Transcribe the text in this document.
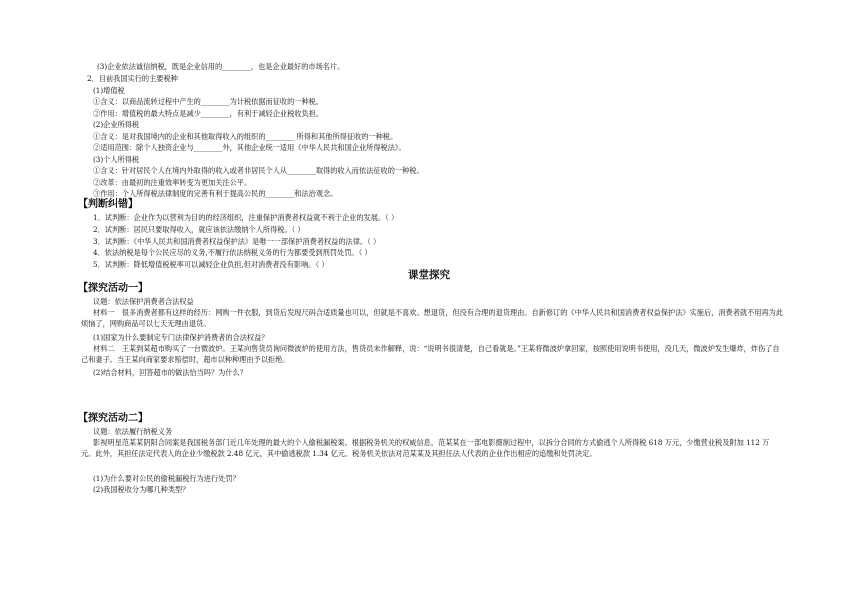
(3)企业依法诚信纳税，既是企业信用的________，也是企业最好的市场名片。
2．目前我国实行的主要税种
(1)增值税
①含义：以商品流转过程中产生的________为计税依据而征收的一种税。
②作用：增值税的最大特点是减少________，有利于减轻企业税收负担。
(2)企业所得税
①含义：是对我国境内的企业和其他取得收入的组织的________ 所得和其他所得征收的一种税。
②适用范围：除个人独资企业与________外，其他企业统一适用《中华人民共和国企业所得税法》。
(3)个人所得税
①含义：针对居民个人在境内外取得的收入或者非居民个人从________取得的收入而依法征收的一种税。
②改革：由最初的注重效率转变为更加关注公平。
③作用：个人所得税法律制度的完善有利于提高公民的________和法治观念。
【判断纠错】
1．试判断：企业作为以营利为目的的经济组织，注重保护消费者权益就不利于企业的发展。（ ）
2．试判断：居民只要取得收入，就应该依法缴纳个人所得税。（ ）
3．试判断：《中华人民共和国消费者权益保护法》是唯一一部保护消费者权益的法律。（ ）
4．依法纳税是每个公民应尽的义务,不履行依法纳税义务的行为都要受到刑罚处罚。（ ）
5．试判断：降低增值税税率可以减轻企业负担,但对消费者没有影响。（ ）
课堂探究
【探究活动一】
议题：依法保护消费者合法权益
材料一　很多消费者都有这样的经历：网购一件衣服，到货后发现尺码合适质量也可以，但就是不喜欢。想退货，但没有合理的退货理由。自新修订的《中华人民共和国消费者权益保护法》实施后，消费者就不用再为此烦恼了，网购商品可以七天无理由退货。
(1)国家为什么要制定专门法律保护消费者的合法权益？
材料二　王某到某超市购买了一台微波炉。王某向售货员询问微波炉的使用方法，售货员未作解释，说：“说明书很清楚，自己看就是。”王某将微波炉拿回家，按照使用说明书使用，没几天，微波炉发生爆炸，炸伤了自己和妻子。当王某向商家要求赔偿时，超市以种种理由予以拒绝。
(2)结合材料，回答超市的做法恰当吗？为什么？
【探究活动二】
议题：依法履行纳税义务
影视明星范某某阴阳合同案是我国税务部门近几年处理的最大的个人偷税漏税案。根据税务机关的权威信息，范某某在一部电影摄制过程中，以拆分合同的方式偷逃个人所得税 618 万元，少缴营业税及附加 112 万元。此外，其担任法定代表人的企业少缴税款 2.48 亿元，其中偷逃税款 1.34 亿元。税务机关依法对范某某及其担任法人代表的企业作出相应的追缴和处罚决定。
(1)为什么要对公民的偷税漏税行为进行处罚？
(2)我国税收分为哪几种类型？
